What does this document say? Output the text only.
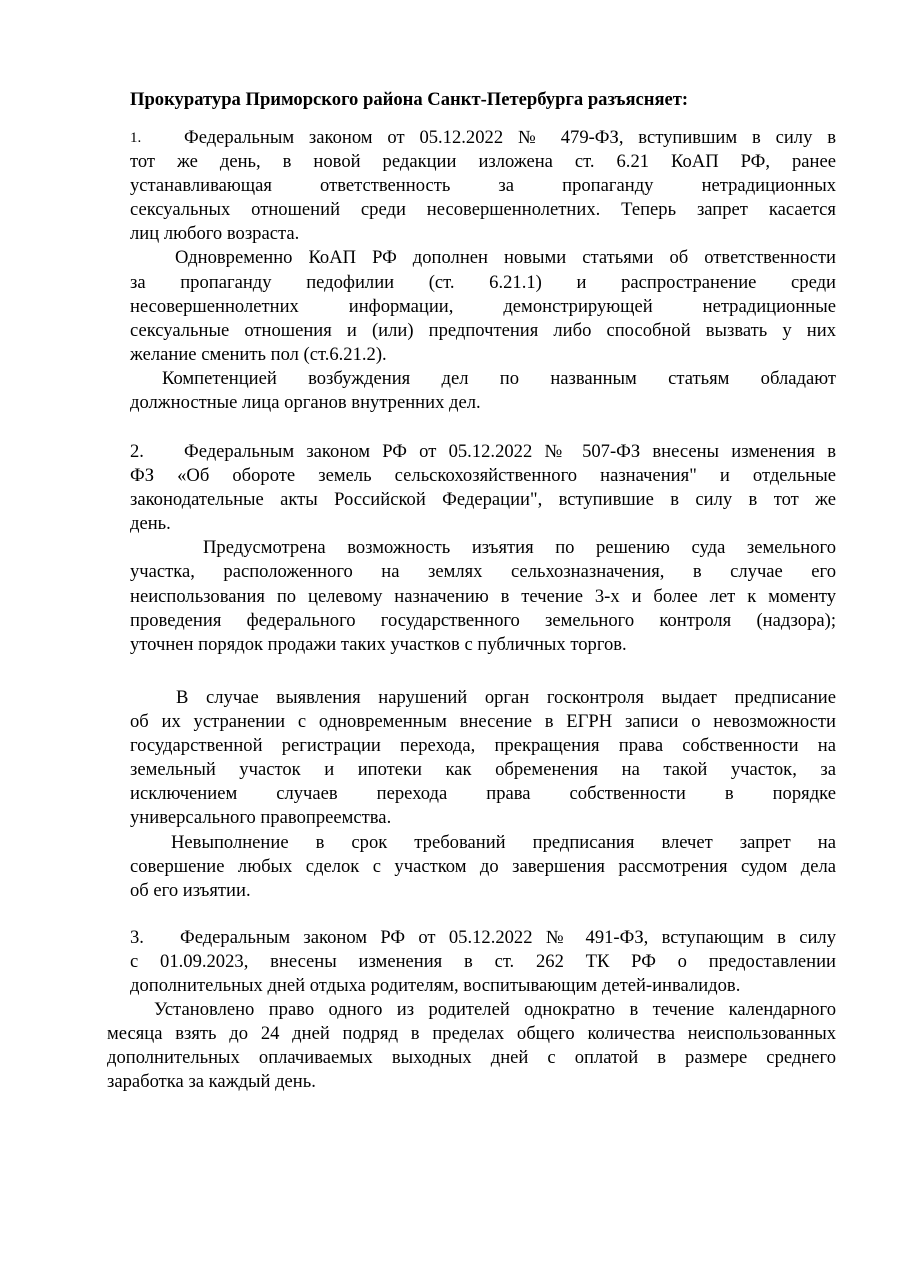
Прокуратура Приморского района Санкт-Петербурга разъясняет:
1. Федеральным законом от 05.12.2022 № 479-ФЗ, вступившим в силу в
тот же день, в новой редакции изложена ст. 6.21 КоАП РФ, ранее
устанавливающая ответственность за пропаганду нетрадиционных
сексуальных отношений среди несовершеннолетних. Теперь запрет касается
лиц любого возраста.
Одновременно КоАП РФ дополнен новыми статьями об ответственности
за пропаганду педофилии (ст. 6.21.1) и распространение среди
несовершеннолетних информации, демонстрирующей нетрадиционные
сексуальные отношения и (или) предпочтения либо способной вызвать у них
желание сменить пол (ст.6.21.2).
Компетенцией возбуждения дел по названным статьям обладают
должностные лица органов внутренних дел.
2. Федеральным законом РФ от 05.12.2022 № 507-ФЗ внесены изменения в
ФЗ «Об обороте земель сельскохозяйственного назначения" и отдельные
законодательные акты Российской Федерации", вступившие в силу в тот же
день.
Предусмотрена возможность изъятия по решению суда земельного
участка, расположенного на землях сельхозназначения, в случае его
неиспользования по целевому назначению в течение 3-х и более лет к моменту
проведения федерального государственного земельного контроля (надзора);
уточнен порядок продажи таких участков с публичных торгов.
В случае выявления нарушений орган госконтроля выдает предписание
об их устранении с одновременным внесение в ЕГРН записи о невозможности
государственной регистрации перехода, прекращения права собственности на
земельный участок и ипотеки как обременения на такой участок, за
исключением случаев перехода права собственности в порядке
универсального правопреемства.
Невыполнение в срок требований предписания влечет запрет на
совершение любых сделок с участком до завершения рассмотрения судом дела
об его изъятии.
3. Федеральным законом РФ от 05.12.2022 № 491-ФЗ, вступающим в силу
с 01.09.2023, внесены изменения в ст. 262 ТК РФ о предоставлении
дополнительных дней отдыха родителям, воспитывающим детей-инвалидов.
Установлено право одного из родителей однократно в течение календарного
месяца взять до 24 дней подряд в пределах общего количества неиспользованных
дополнительных оплачиваемых выходных дней с оплатой в размере среднего
заработка за каждый день.
